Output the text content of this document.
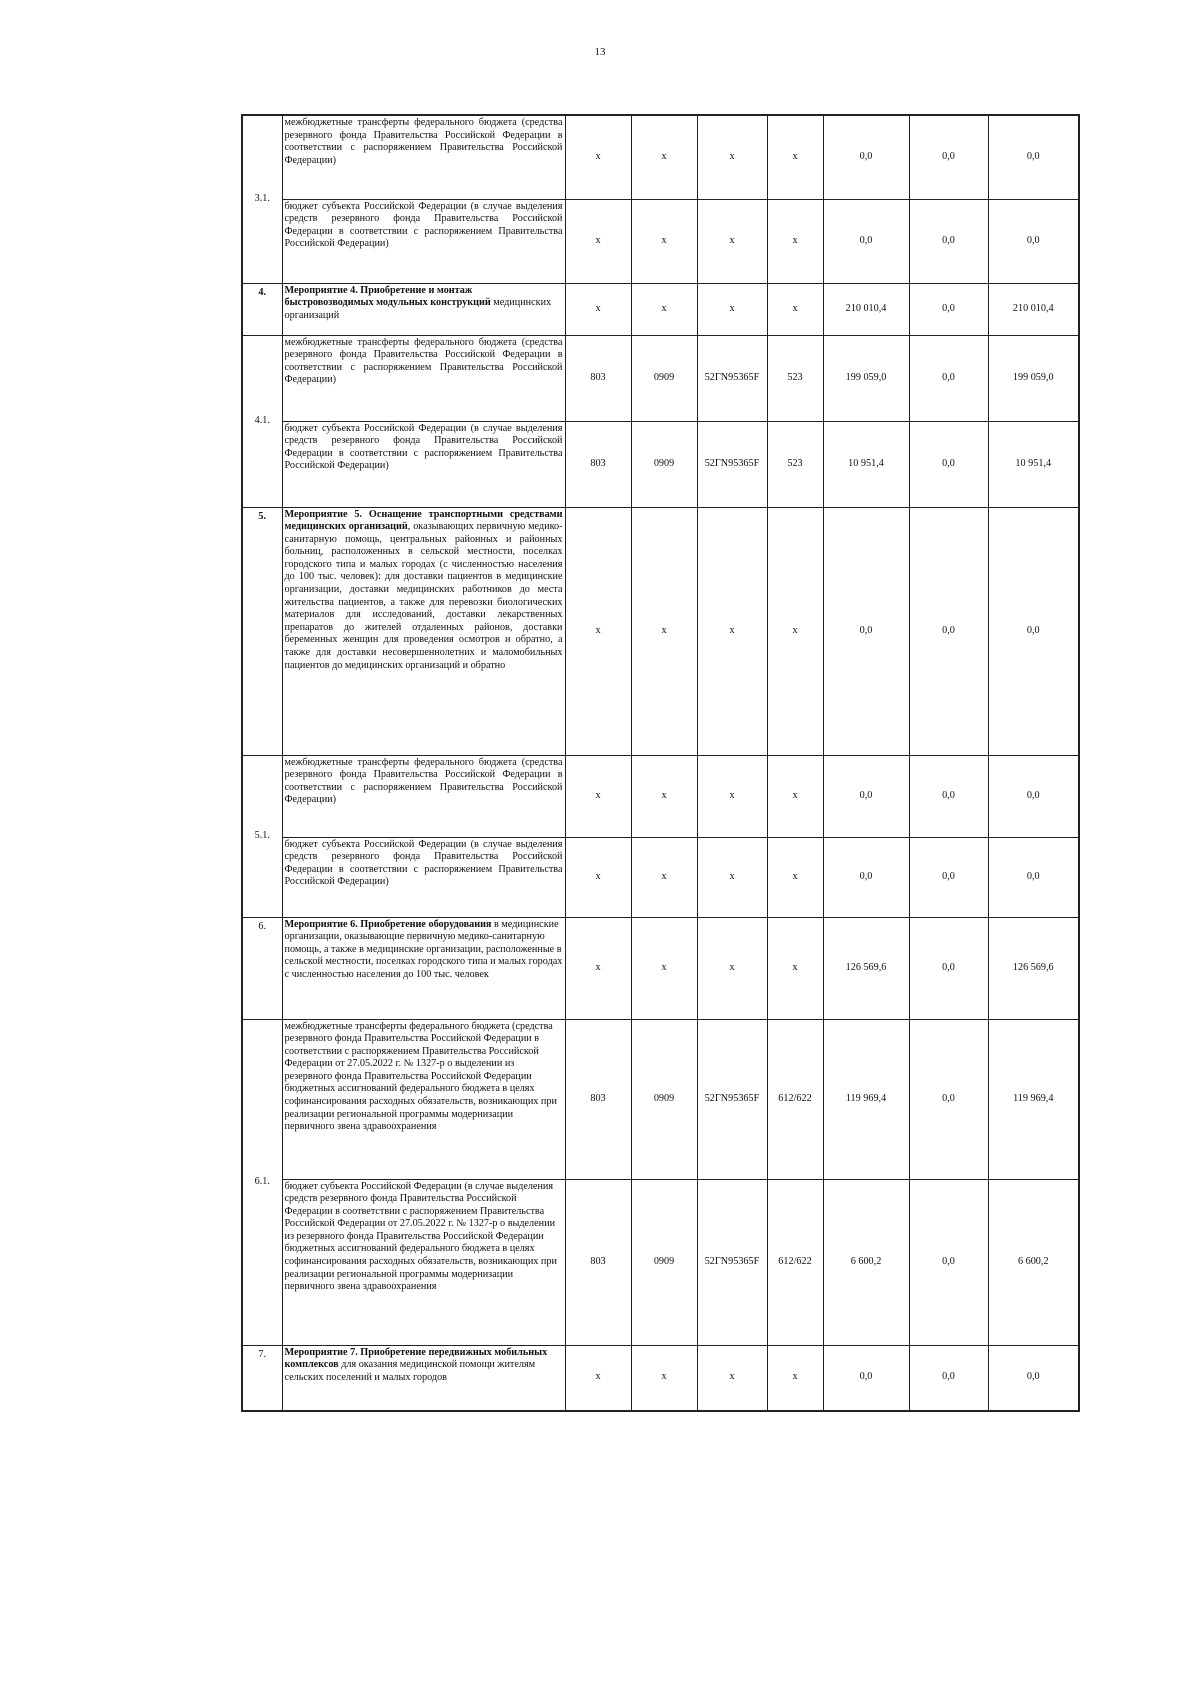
13
3.1.	межбюджетные трансферты федерального бюджета (средства резервного фонда Правительства Российской Федерации в соответствии с распоряжением Правительства Российской Федерации)	x	x	x	x	0,0	0,0	0,0
	бюджет субъекта Российской Федерации (в случае выделения средств резервного фонда Правительства Российской Федерации в соответствии с распоряжением Правительства Российской Федерации)	x	x	x	x	0,0	0,0	0,0
4.	Мероприятие 4. Приобретение и монтаж быстровозводимых модульных конструкций медицинских организаций	x	x	x	x	210 010,4	0,0	210 010,4
4.1.	межбюджетные трансферты федерального бюджета (средства резервного фонда Правительства Российской Федерации в соответствии с распоряжением Правительства Российской Федерации)	803	0909	52ГN95365F	523	199 059,0	0,0	199 059,0
	бюджет субъекта Российской Федерации (в случае выделения средств резервного фонда Правительства Российской Федерации в соответствии с распоряжением Правительства Российской Федерации)	803	0909	52ГN95365F	523	10 951,4	0,0	10 951,4
5.	Мероприятие 5. Оснащение транспортными средствами медицинских организаций, оказывающих первичную медико-санитарную помощь, центральных районных и районных больниц, расположенных в сельской местности, поселках городского типа и малых городах (с численностью населения до 100 тыс. человек): для доставки пациентов в медицинские организации, доставки медицинских работников до места жительства пациентов, а также для перевозки биологических материалов для исследований, доставки лекарственных препаратов до жителей отдаленных районов, доставки беременных женщин для проведения осмотров и обратно, а также для доставки несовершеннолетних и маломобильных пациентов до медицинских организаций и обратно	x	x	x	x	0,0	0,0	0,0
5.1.	межбюджетные трансферты федерального бюджета (средства резервного фонда Правительства Российской Федерации в соответствии с распоряжением Правительства Российской Федерации)	x	x	x	x	0,0	0,0	0,0
	бюджет субъекта Российской Федерации (в случае выделения средств резервного фонда Правительства Российской Федерации в соответствии с распоряжением Правительства Российской Федерации)	x	x	x	x	0,0	0,0	0,0
6.	Мероприятие 6. Приобретение оборудования в медицинские организации, оказывающие первичную медико-санитарную помощь, а также в медицинские организации, расположенные в сельской местности, поселках городского типа и малых городах с численностью населения до 100 тыс. человек	x	x	x	x	126 569,6	0,0	126 569,6
6.1.	межбюджетные трансферты федерального бюджета (средства резервного фонда Правительства Российской Федерации в соответствии с распоряжением Правительства Российской Федерации от 27.05.2022 г. № 1327-р о выделении из резервного фонда Правительства Российской Федерации бюджетных ассигнований федерального бюджета в целях софинансирования расходных обязательств, возникающих при реализации региональной программы модернизации первичного звена здравоохранения	803	0909	52ГN95365F	612/622	119 969,4	0,0	119 969,4
	бюджет субъекта Российской Федерации (в случае выделения средств резервного фонда Правительства Российской Федерации в соответствии с распоряжением Правительства Российской Федерации от 27.05.2022 г. № 1327-р о выделении из резервного фонда Правительства Российской Федерации бюджетных ассигнований федерального бюджета в целях софинансирования расходных обязательств, возникающих при реализации региональной программы модернизации первичного звена здравоохранения	803	0909	52ГN95365F	612/622	6 600,2	0,0	6 600,2
7.	Мероприятие 7. Приобретение передвижных мобильных комплексов для оказания медицинской помощи жителям сельских поселений и малых городов	x	x	x	x	0,0	0,0	0,0
